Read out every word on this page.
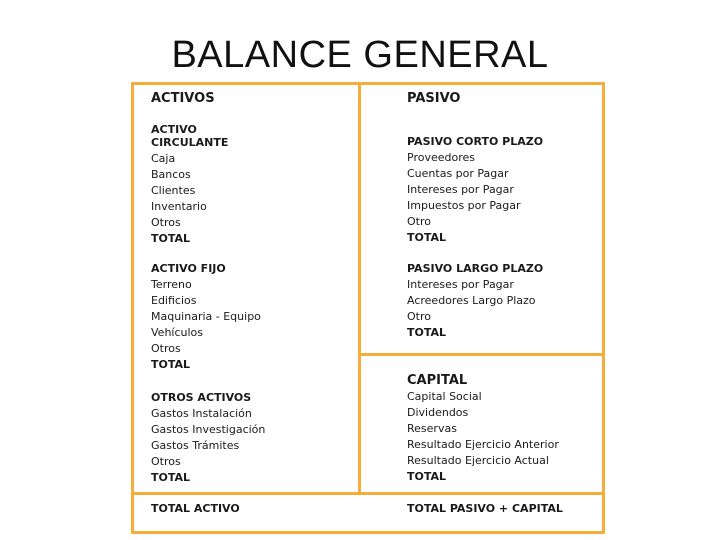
BALANCE GENERAL
ACTIVOS
ACTIVO
CIRCULANTE
Caja
Bancos
Clientes
Inventario
Otros
TOTAL
ACTIVO FIJO
Terreno
Edificios
Maquinaria - Equipo
Vehículos
Otros
TOTAL
OTROS ACTIVOS
Gastos Instalación
Gastos Investigación
Gastos Trámites
Otros
TOTAL
TOTAL ACTIVO
PASIVO
PASIVO CORTO PLAZO
Proveedores
Cuentas por Pagar
Intereses por Pagar
Impuestos por Pagar
Otro
TOTAL
PASIVO LARGO PLAZO
Intereses por Pagar
Acreedores Largo Plazo
Otro
TOTAL
CAPITAL
Capital Social
Dividendos
Reservas
Resultado Ejercicio Anterior
Resultado Ejercicio Actual
TOTAL
TOTAL PASIVO + CAPITAL
